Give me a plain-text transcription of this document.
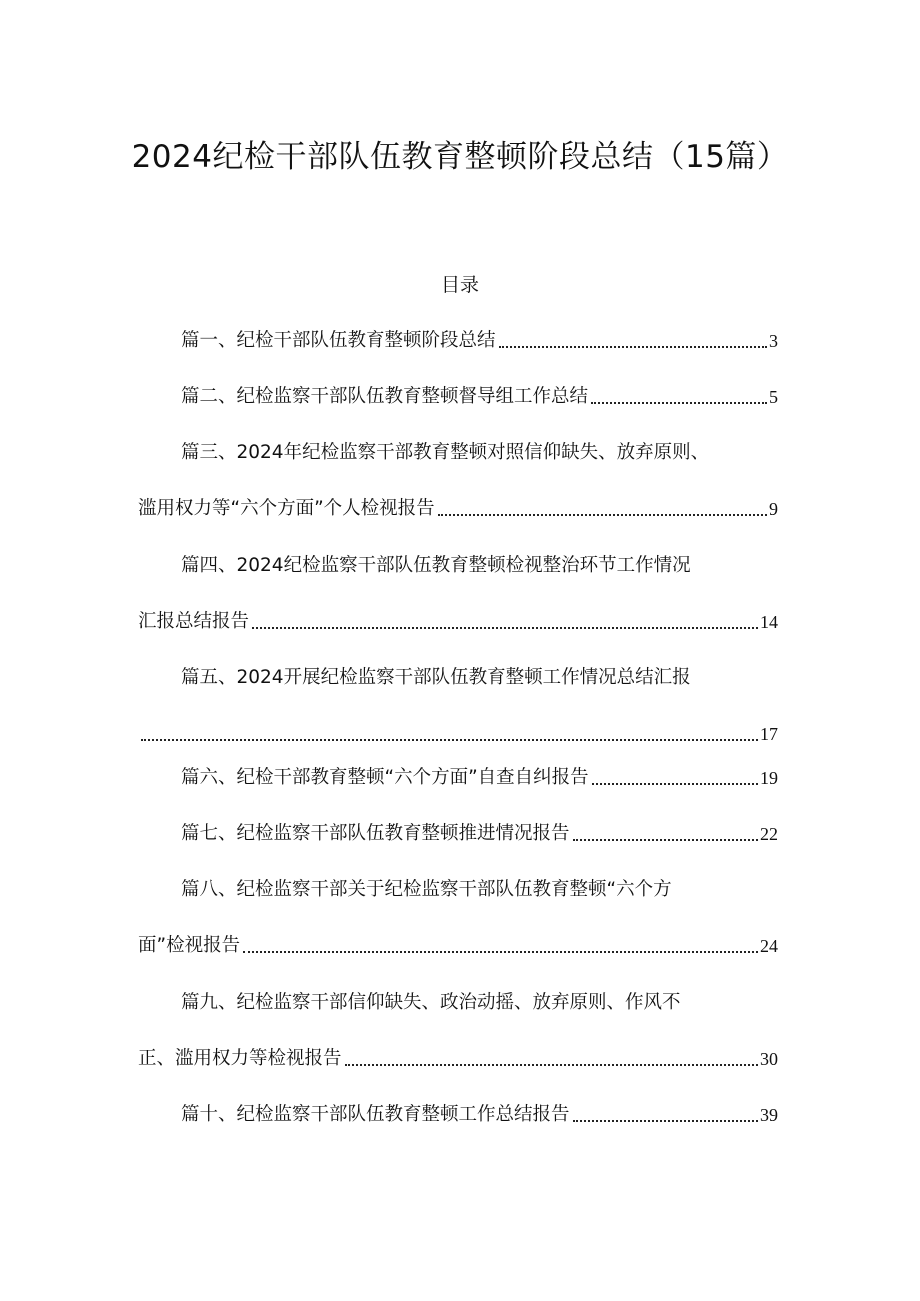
2024纪检干部队伍教育整顿阶段总结（15篇）
目录
篇一、纪检干部队伍教育整顿阶段总结	3
篇二、纪检监察干部队伍教育整顿督导组工作总结	5
篇三、2024年纪检监察干部教育整顿对照信仰缺失、放弃原则、
滥用权力等“六个方面”个人检视报告	9
篇四、2024纪检监察干部队伍教育整顿检视整治环节工作情况
汇报总结报告	14
篇五、2024开展纪检监察干部队伍教育整顿工作情况总结汇报
17
篇六、纪检干部教育整顿“六个方面”自查自纠报告	19
篇七、纪检监察干部队伍教育整顿推进情况报告	22
篇八、纪检监察干部关于纪检监察干部队伍教育整顿“六个方
面”检视报告	24
篇九、纪检监察干部信仰缺失、政治动摇、放弃原则、作风不
正、滥用权力等检视报告	30
篇十、纪检监察干部队伍教育整顿工作总结报告	39
